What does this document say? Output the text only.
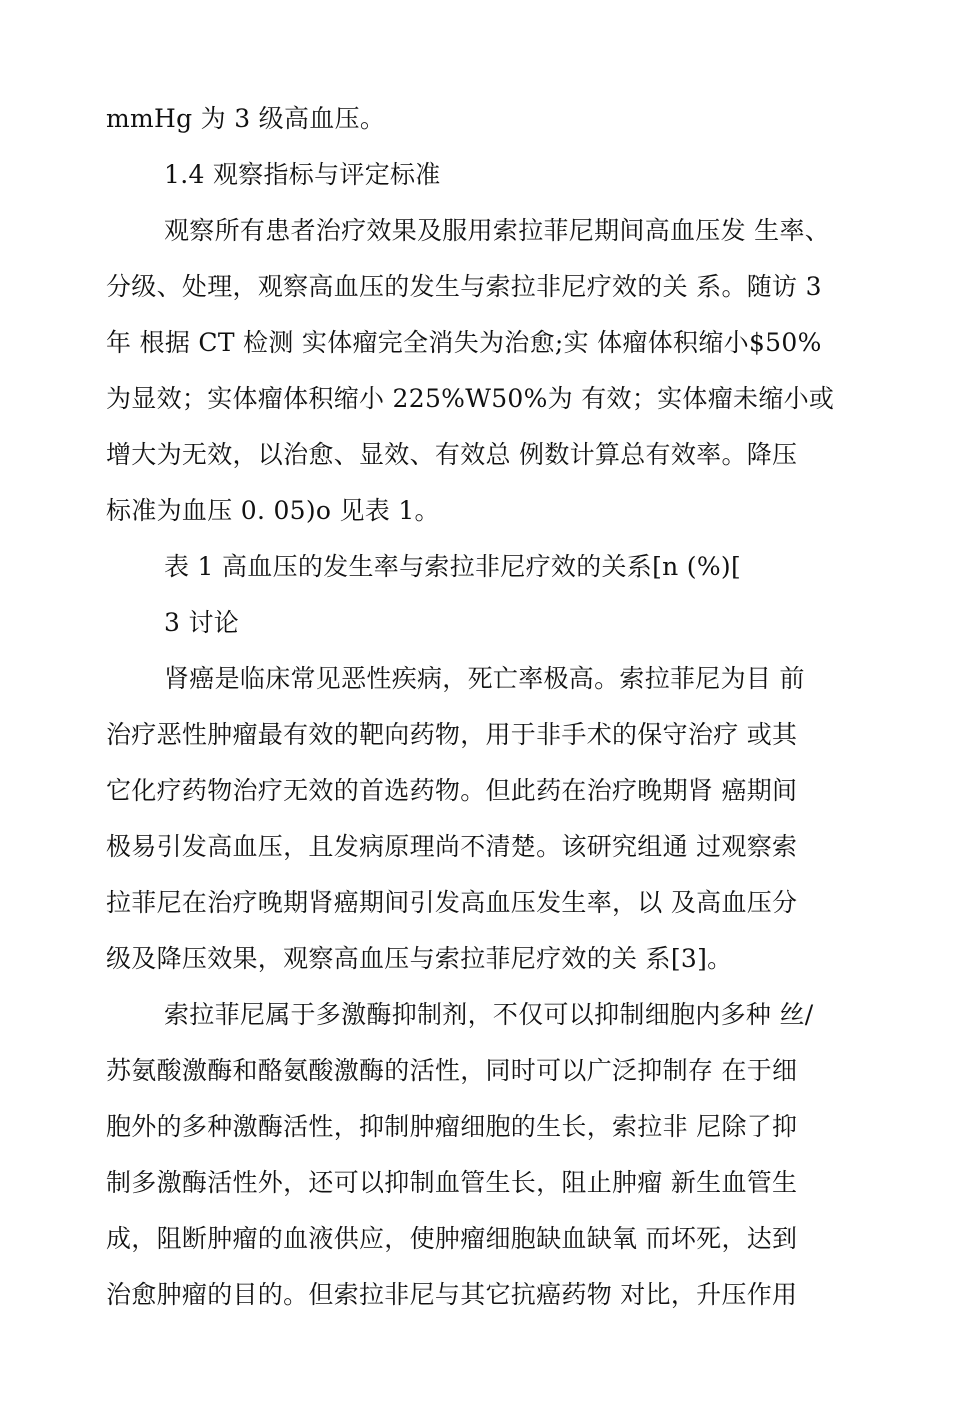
mmHg 为 3 级高血压。
1.4 观察指标与评定标准
观察所有患者治疗效果及服用索拉菲尼期间高血压发 生率、
分级、处理，观察高血压的发生与索拉非尼疗效的关 系。随访 3
年 根据 CT 检测 实体瘤完全消失为治愈;实 体瘤体积缩小$50%
为显效；实体瘤体积缩小 225%W50%为 有效；实体瘤未缩小或
增大为无效，以治愈、显效、有效总 例数计算总有效率。降压
标准为血压 0. 05)o 见表 1。
表 1 高血压的发生率与索拉非尼疗效的关系[n (%)[
3 讨论
肾癌是临床常见恶性疾病，死亡率极高。索拉菲尼为目 前
治疗恶性肿瘤最有效的靶向药物，用于非手术的保守治疗 或其
它化疗药物治疗无效的首选药物。但此药在治疗晚期肾 癌期间
极易引发高血压，且发病原理尚不清楚。该研究组通 过观察索
拉菲尼在治疗晚期肾癌期间引发高血压发生率，以 及高血压分
级及降压效果，观察高血压与索拉菲尼疗效的关 系[3]。
索拉菲尼属于多激酶抑制剂，不仅可以抑制细胞内多种 丝/
苏氨酸激酶和酪氨酸激酶的活性，同时可以广泛抑制存 在于细
胞外的多种激酶活性，抑制肿瘤细胞的生长，索拉非 尼除了抑
制多激酶活性外，还可以抑制血管生长，阻止肿瘤 新生血管生
成，阻断肿瘤的血液供应，使肿瘤细胞缺血缺氧 而坏死，达到
治愈肿瘤的目的。但索拉非尼与其它抗癌药物 对比，升压作用
